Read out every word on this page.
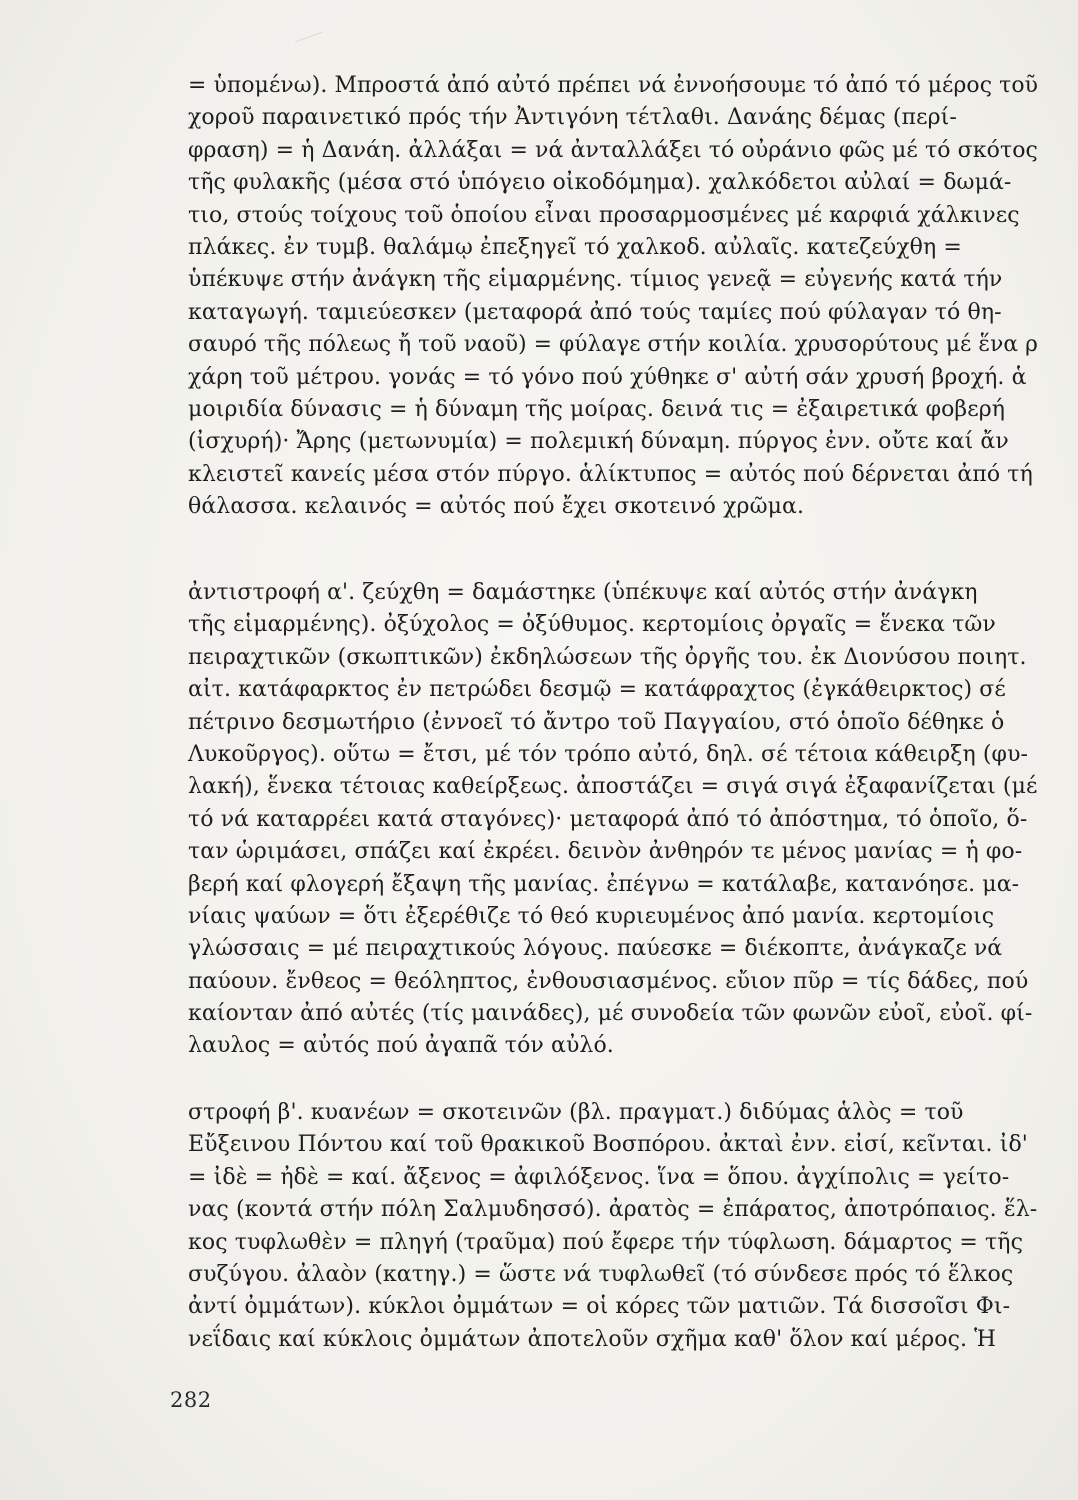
= ὑπομένω). Μπροστά ἀπό αὐτό πρέπει νά ἐννοήσουμε τό ἀπό τό μέρος τοῦ
χοροῦ παραινετικό πρός τήν Ἀντιγόνη τέτλαθι. Δανάης δέμας (περί-
φραση) = ἡ Δανάη. ἀλλάξαι = νά ἀνταλλάξει τό οὐράνιο φῶς μέ τό σκότος
τῆς φυλακῆς (μέσα στό ὑπόγειο οἰκοδόμημα). χαλκόδετοι αὐλαί = δωμά-
τιο, στούς τοίχους τοῦ ὁποίου εἶναι προσαρμοσμένες μέ καρφιά χάλκινες
πλάκες. ἐν τυμβ. θαλάμῳ ἐπεξηγεῖ τό χαλκοδ. αὐλαῖς. κατεζεύχθη =
ὑπέκυψε στήν ἀνάγκη τῆς εἱμαρμένης. τίμιος γενεᾷ = εὐγενής κατά τήν
καταγωγή. ταμιεύεσκεν (μεταφορά ἀπό τούς ταμίες πού φύλαγαν τό θη-
σαυρό τῆς πόλεως ἤ τοῦ ναοῦ) = φύλαγε στήν κοιλία. χρυσορύτους μέ ἕνα ρ
χάρη τοῦ μέτρου. γονάς = τό γόνο πού χύθηκε σ' αὐτή σάν χρυσή βροχή. ἁ
μοιριδία δύνασις = ἡ δύναμη τῆς μοίρας. δεινά τις = ἐξαιρετικά φοβερή
(ἰσχυρή)· Ἄρης (μετωνυμία) = πολεμική δύναμη. πύργος ἐνν. οὔτε καί ἄν
κλειστεῖ κανείς μέσα στόν πύργο. ἁλίκτυπος = αὐτός πού δέρνεται ἀπό τή
θάλασσα. κελαινός = αὐτός πού ἔχει σκοτεινό χρῶμα.
ἀντιστροφή α'. ζεύχθη = δαμάστηκε (ὑπέκυψε καί αὐτός στήν ἀνάγκη
τῆς εἱμαρμένης). ὀξύχολος = ὀξύθυμος. κερτομίοις ὀργαῖς = ἕνεκα τῶν
πειραχτικῶν (σκωπτικῶν) ἐκδηλώσεων τῆς ὀργῆς του. ἐκ Διονύσου ποιητ.
αἰτ. κατάφαρκτος ἐν πετρώδει δεσμῷ = κατάφραχτος (ἐγκάθειρκτος) σέ
πέτρινο δεσμωτήριο (ἐννοεῖ τό ἄντρο τοῦ Παγγαίου, στό ὁποῖο δέθηκε ὁ
Λυκοῦργος). οὕτω = ἔτσι, μέ τόν τρόπο αὐτό, δηλ. σέ τέτοια κάθειρξη (φυ-
λακή), ἕνεκα τέτοιας καθείρξεως. ἀποστάζει = σιγά σιγά ἐξαφανίζεται (μέ
τό νά καταρρέει κατά σταγόνες)· μεταφορά ἀπό τό ἀπόστημα, τό ὁποῖο, ὅ-
ταν ὡριμάσει, σπάζει καί ἐκρέει. δεινὸν ἀνθηρόν τε μένος μανίας = ἡ φο-
βερή καί φλογερή ἔξαψη τῆς μανίας. ἐπέγνω = κατάλαβε, κατανόησε. μα-
νίαις ψαύων = ὅτι ἐξερέθιζε τό θεό κυριευμένος ἀπό μανία. κερτομίοις
γλώσσαις = μέ πειραχτικούς λόγους. παύεσκε = διέκοπτε, ἀνάγκαζε νά
παύουν. ἔνθεος = θεόληπτος, ἐνθουσιασμένος. εὔιον πῦρ = τίς δάδες, πού
καίονταν ἀπό αὐτές (τίς μαινάδες), μέ συνοδεία τῶν φωνῶν εὐοῖ, εὐοῖ. φί-
λαυλος = αὐτός πού ἀγαπᾶ τόν αὐλό.
στροφή β'. κυανέων = σκοτεινῶν (βλ. πραγματ.) διδύμας ἁλὸς = τοῦ
Εὔξεινου Πόντου καί τοῦ θρακικοῦ Βοσπόρου. ἀκταὶ ἐνν. εἰσί, κεῖνται. ἰδ'
= ἰδὲ = ἠδὲ = καί. ἄξενος = ἀφιλόξενος. ἵνα = ὅπου. ἀγχίπολις = γείτο-
νας (κοντά στήν πόλη Σαλμυδησσό). ἀρατὸς = ἐπάρατος, ἀποτρόπαιος. ἕλ-
κος τυφλωθὲν = πληγή (τραῦμα) πού ἔφερε τήν τύφλωση. δάμαρτος = τῆς
συζύγου. ἀλαὸν (κατηγ.) = ὥστε νά τυφλωθεῖ (τό σύνδεσε πρός τό ἕλκος
ἀντί ὀμμάτων). κύκλοι ὀμμάτων = οἱ κόρες τῶν ματιῶν. Τά δισσοῖσι Φι-
νεΐδαις καί κύκλοις ὀμμάτων ἀποτελοῦν σχῆμα καθ' ὅλον καί μέρος. Ἡ
282
